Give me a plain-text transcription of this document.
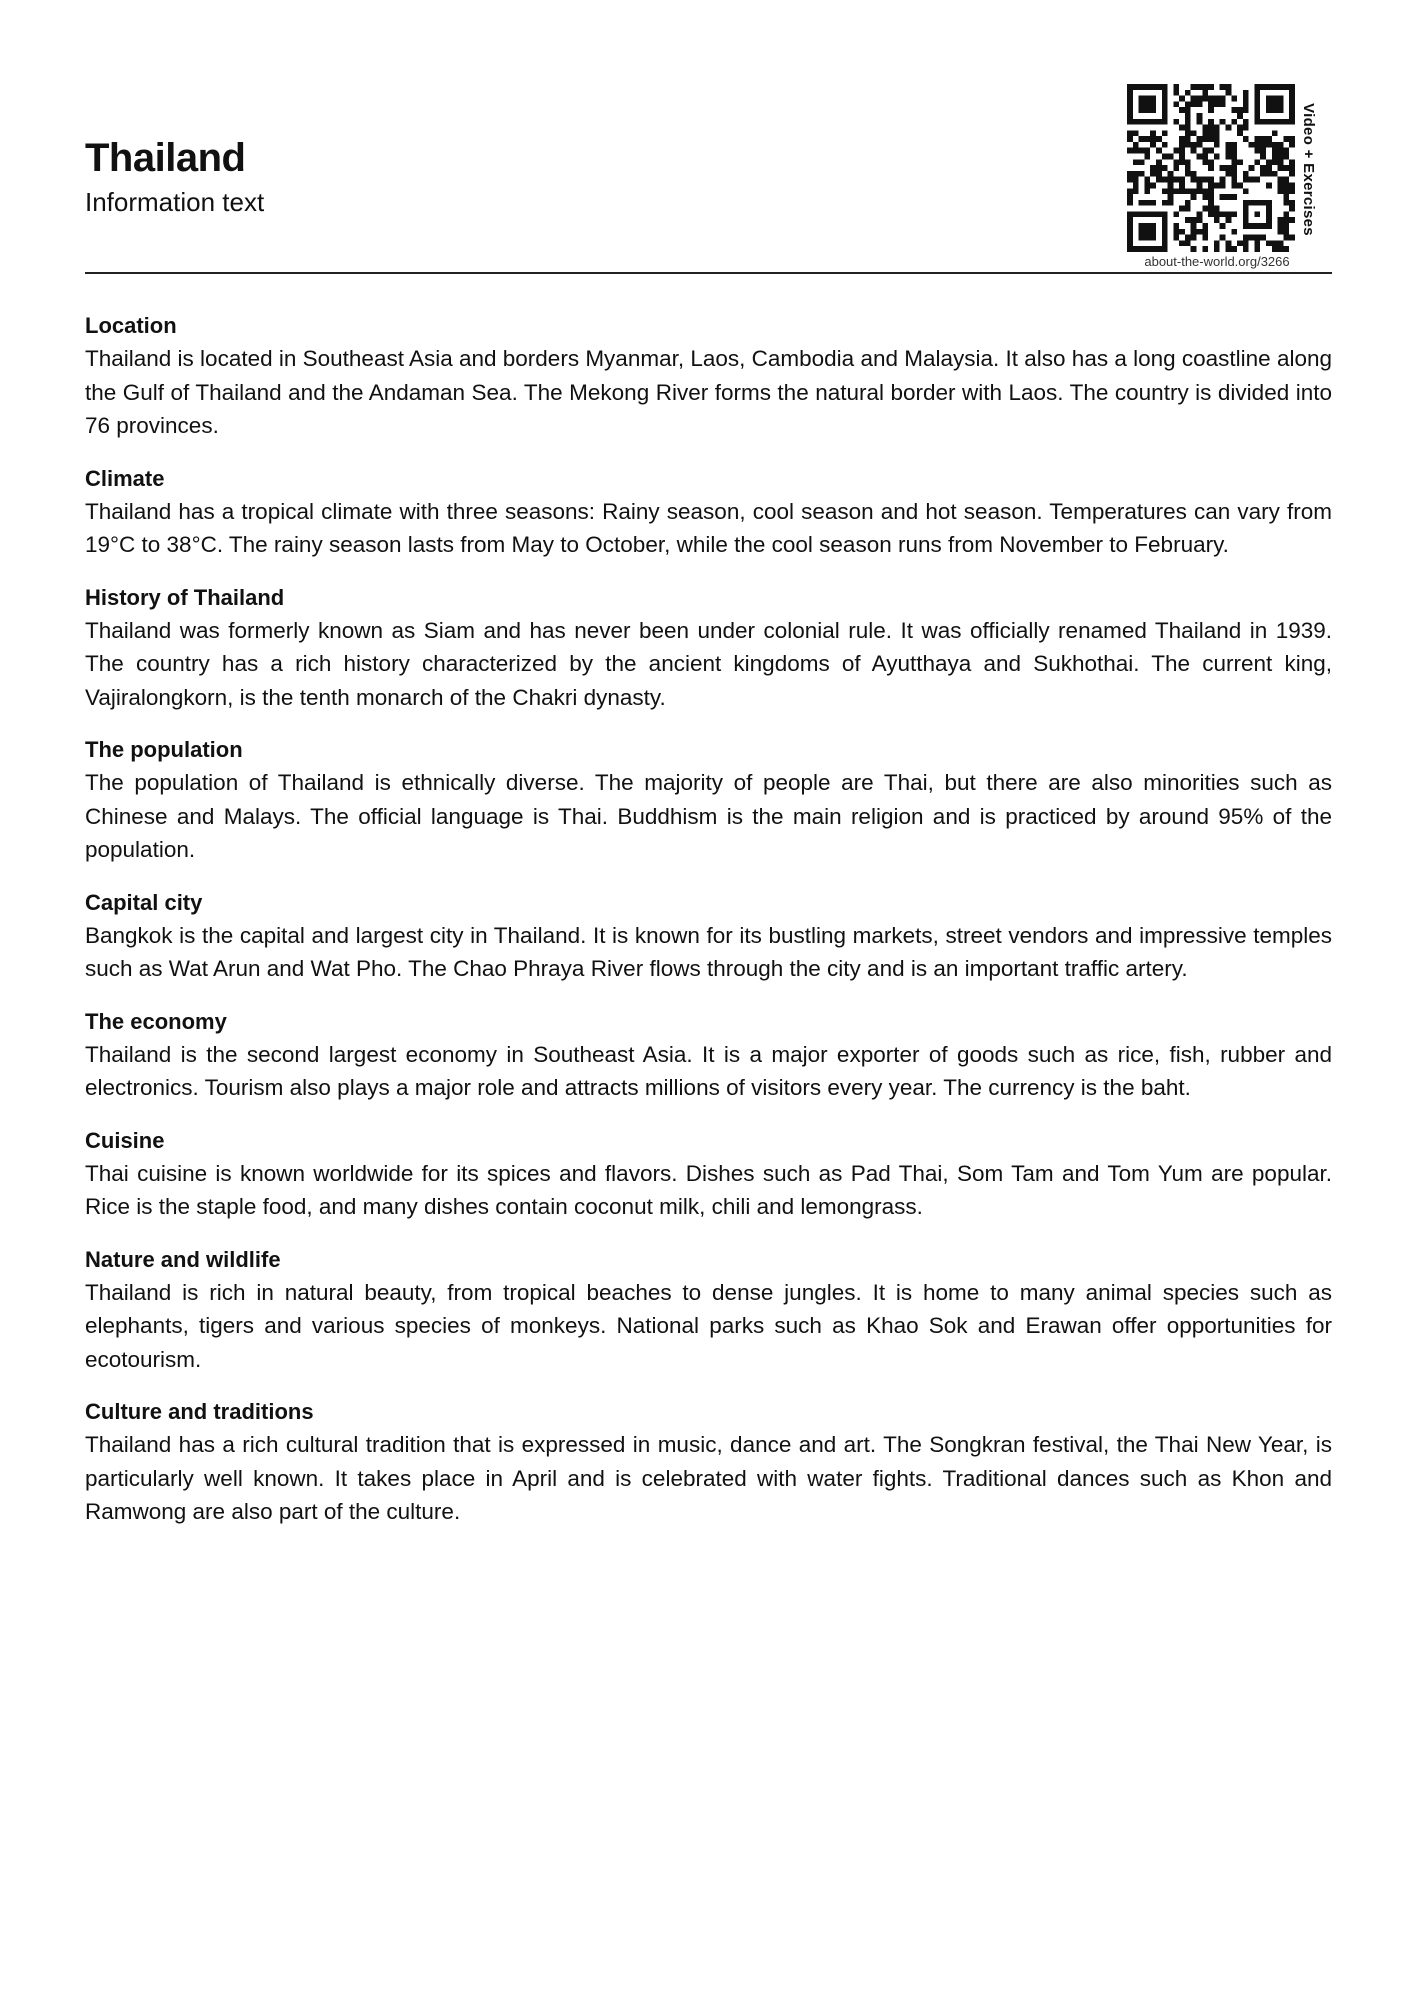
Thailand
Information text	Video + Exercises
about-the-world.org/3266
Location

Thailand is located in Southeast Asia and borders Myanmar, Laos, Cambodia and Malaysia. It also has a long coastline along the Gulf of Thailand and the Andaman Sea. The Mekong River forms the natural border with Laos. The country is divided into 76 provinces.

Climate

Thailand has a tropical climate with three seasons: Rainy season, cool season and hot season. Temperatures can vary from 19°C to 38°C. The rainy season lasts from May to October, while the cool season runs from November to February.

History of Thailand

Thailand was formerly known as Siam and has never been under colonial rule. It was officially renamed Thailand in 1939. The country has a rich history characterized by the ancient kingdoms of Ayutthaya and Sukhothai. The current king, Vajiralongkorn, is the tenth monarch of the Chakri dynasty.

The population

The population of Thailand is ethnically diverse. The majority of people are Thai, but there are also minorities such as Chinese and Malays. The official language is Thai. Buddhism is the main religion and is practiced by around 95% of the population.

Capital city

Bangkok is the capital and largest city in Thailand. It is known for its bustling markets, street vendors and impressive temples such as Wat Arun and Wat Pho. The Chao Phraya River flows through the city and is an important traffic artery.

The economy

Thailand is the second largest economy in Southeast Asia. It is a major exporter of goods such as rice, fish, rubber and electronics. Tourism also plays a major role and attracts millions of visitors every year. The currency is the baht.

Cuisine

Thai cuisine is known worldwide for its spices and flavors. Dishes such as Pad Thai, Som Tam and Tom Yum are popular. Rice is the staple food, and many dishes contain coconut milk, chili and lemongrass.

Nature and wildlife

Thailand is rich in natural beauty, from tropical beaches to dense jungles. It is home to many animal species such as elephants, tigers and various species of monkeys. National parks such as Khao Sok and Erawan offer opportunities for ecotourism.

Culture and traditions

Thailand has a rich cultural tradition that is expressed in music, dance and art. The Songkran festival, the Thai New Year, is particularly well known. It takes place in April and is celebrated with water fights. Traditional dances such as Khon and Ramwong are also part of the culture.
